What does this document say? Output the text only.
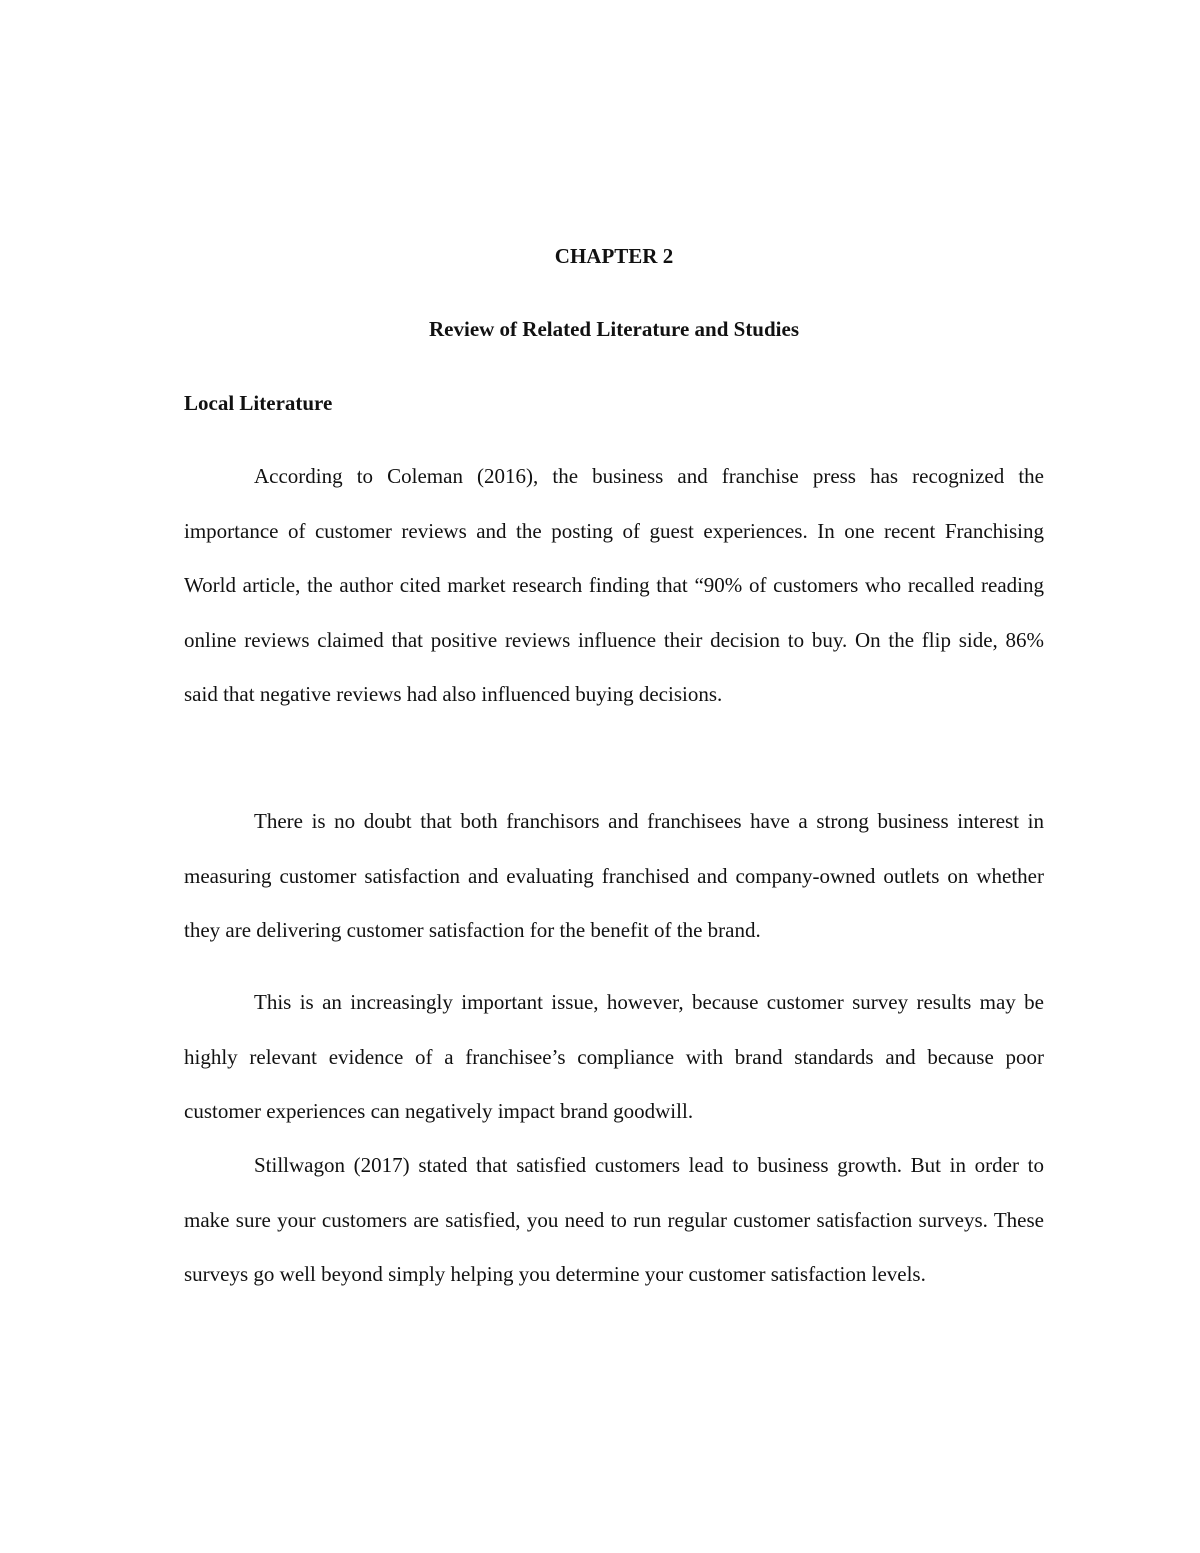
CHAPTER 2
Review of Related Literature and Studies
Local Literature

According to Coleman (2016), the business and franchise press has recognized the importance of customer reviews and the posting of guest experiences. In one recent Franchising World article, the author cited market research finding that “90% of customers who recalled reading online reviews claimed that positive reviews influence their decision to buy. On the flip side, 86% said that negative reviews had also influenced buying decisions.

There is no doubt that both franchisors and franchisees have a strong business interest in measuring customer satisfaction and evaluating franchised and company-owned outlets on whether they are delivering customer satisfaction for the benefit of the brand.

This is an increasingly important issue, however, because customer survey results may be highly relevant evidence of a franchisee’s compliance with brand standards and because poor customer experiences can negatively impact brand goodwill.

Stillwagon (2017) stated that satisfied customers lead to business growth. But in order to make sure your customers are satisfied, you need to run regular customer satisfaction surveys. These surveys go well beyond simply helping you determine your customer satisfaction levels.
